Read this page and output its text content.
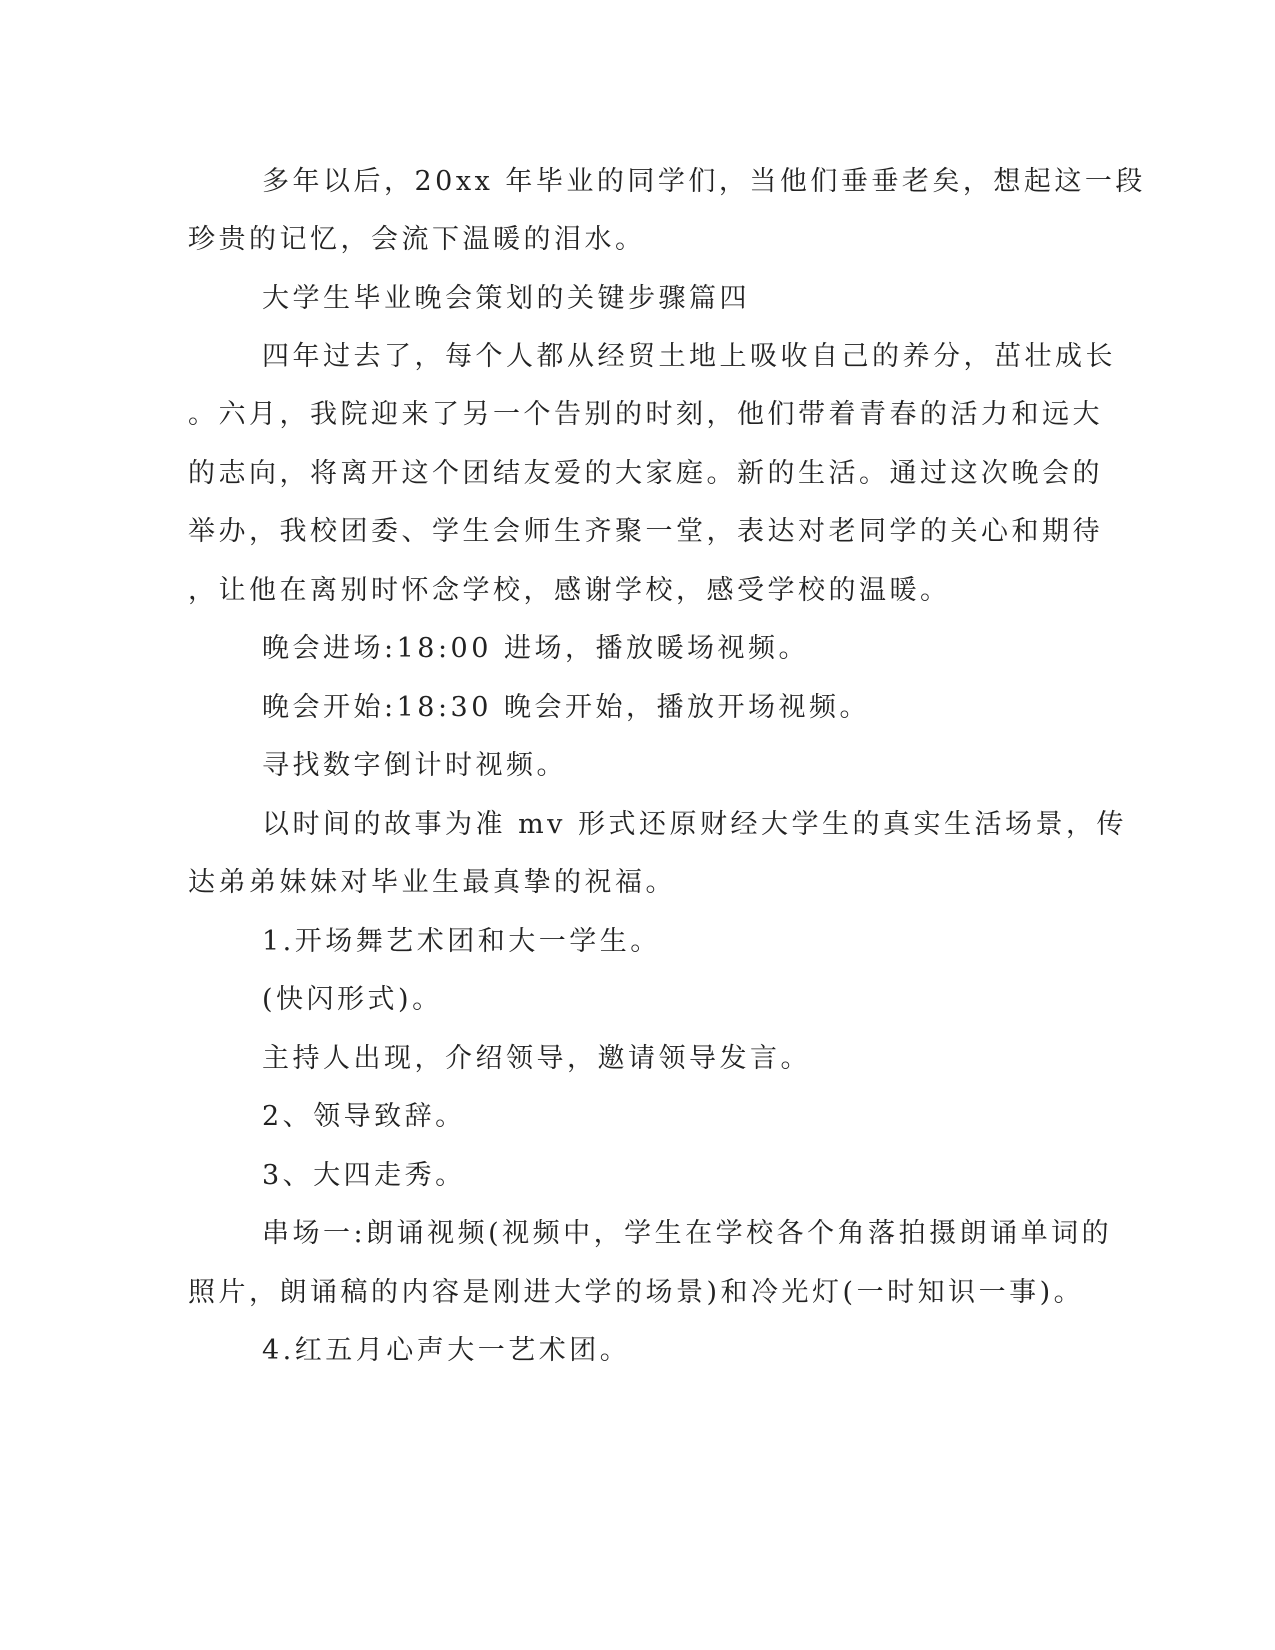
多年以后，20xx 年毕业的同学们，当他们垂垂老矣，想起这一段
珍贵的记忆，会流下温暖的泪水。
大学生毕业晚会策划的关键步骤篇四
四年过去了，每个人都从经贸土地上吸收自己的养分，茁壮成长
。六月，我院迎来了另一个告别的时刻，他们带着青春的活力和远大
的志向，将离开这个团结友爱的大家庭。新的生活。通过这次晚会的
举办，我校团委、学生会师生齐聚一堂，表达对老同学的关心和期待
，让他在离别时怀念学校，感谢学校，感受学校的温暖。
晚会进场:18:00 进场，播放暖场视频。
晚会开始:18:30 晚会开始，播放开场视频。
寻找数字倒计时视频。
以时间的故事为准 mv 形式还原财经大学生的真实生活场景，传
达弟弟妹妹对毕业生最真挚的祝福。
1.开场舞艺术团和大一学生。
(快闪形式)。
主持人出现，介绍领导，邀请领导发言。
2、领导致辞。
3、大四走秀。
串场一:朗诵视频(视频中，学生在学校各个角落拍摄朗诵单词的
照片，朗诵稿的内容是刚进大学的场景)和冷光灯(一时知识一事)。
4.红五月心声大一艺术团。
